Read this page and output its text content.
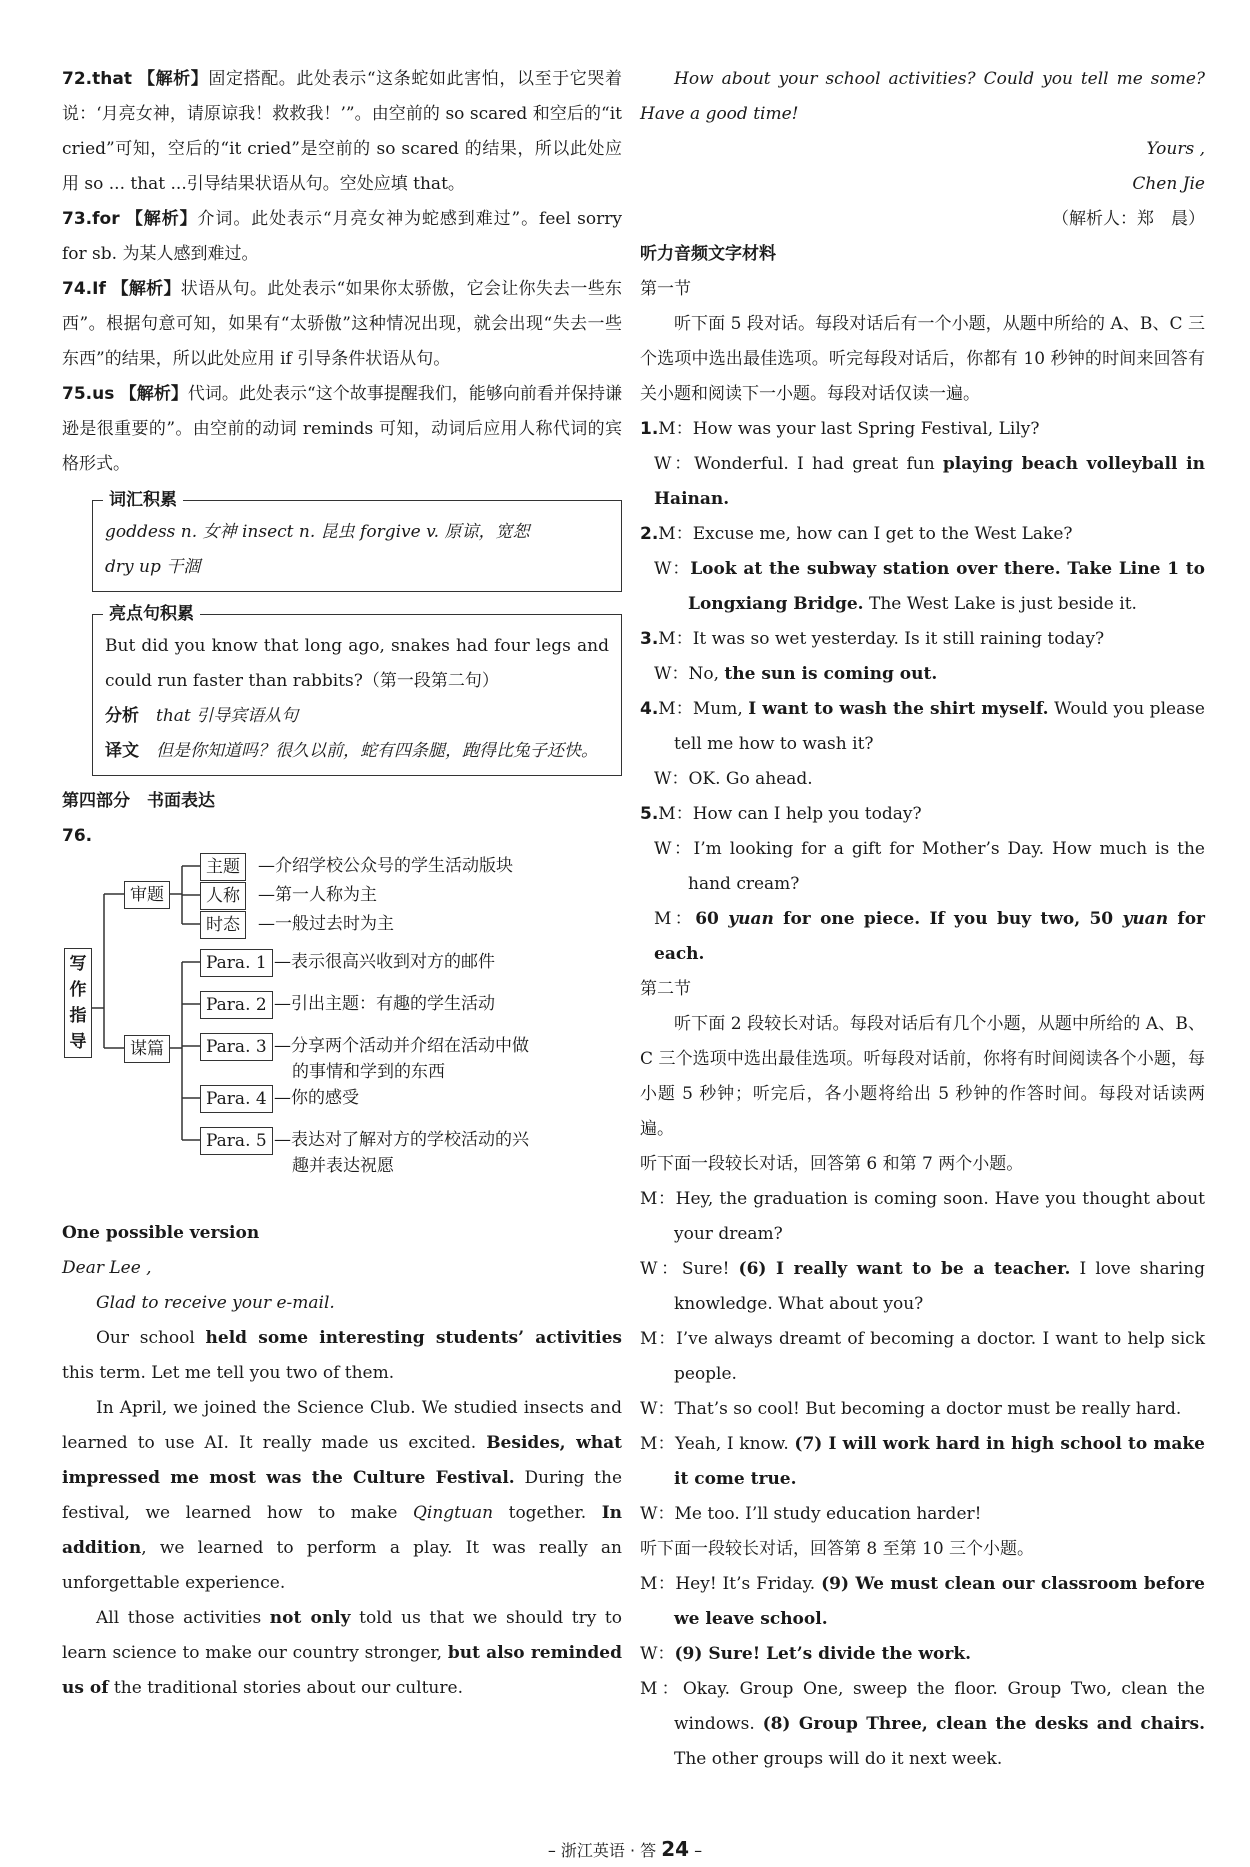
72.that 【解析】固定搭配。此处表示“这条蛇如此害怕，以至于它哭着说：‘月亮女神，请原谅我！救救我！’”。由空前的 so scared 和空后的“it cried”可知，空后的“it cried”是空前的 so scared 的结果，所以此处应用 so ... that ...引导结果状语从句。空处应填 that。

73.for 【解析】介词。此处表示“月亮女神为蛇感到难过”。feel sorry for sb. 为某人感到难过。

74.If 【解析】状语从句。此处表示“如果你太骄傲，它会让你失去一些东西”。根据句意可知，如果有“太骄傲”这种情况出现，就会出现“失去一些东西”的结果，所以此处应用 if 引导条件状语从句。

75.us 【解析】代词。此处表示“这个故事提醒我们，能够向前看并保持谦逊是很重要的”。由空前的动词 reminds 可知，动词后应用人称代词的宾格形式。

词汇积累
goddess n. 女神 insect n. 昆虫 forgive v. 原谅，宽恕
dry up 干涸
亮点句积累
But did you know that long ago, snakes had four legs and could run faster than rabbits?（第一段第二句）
分析　 that 引导宾语从句
译文　 但是你知道吗？很久以前，蛇有四条腿，跑得比兔子还快。

第四部分　书面表达

76.

写
作
指
导
审题
谋篇
主题	—介绍学校公众号的学生活动版块
人称	—第一人称为主
时态	—一般过去时为主
Para. 1 —表示很高兴收到对方的邮件
Para. 2 —引出主题：有趣的学生活动
Para. 3 —分享两个活动并介绍在活动中做
的事情和学到的东西
Para. 4 —你的感受
Para. 5 —表达对了解对方的学校活动的兴
趣并表达祝愿

One possible version

Dear Lee ,

Glad to receive your e-mail.

Our school held some interesting students’ activities this term. Let me tell you two of them.

In April, we joined the Science Club. We studied insects and learned to use AI. It really made us excited. Besides, what impressed me most was the Culture Festival. During the festival, we learned how to make Qingtuan together. In addition, we learned to perform a play. It was really an unforgettable experience.

All those activities not only told us that we should try to learn science to make our country stronger, but also reminded us of the traditional stories about our culture.

How about your school activities? Could you tell me some? Have a good time!

Yours ,

Chen Jie

（解析人：郑　晨）

听力音频文字材料

第一节

听下面 5 段对话。每段对话后有一个小题，从题中所给的 A、B、C 三个选项中选出最佳选项。听完每段对话后，你都有 10 秒钟的时间来回答有关小题和阅读下一小题。每段对话仅读一遍。

1.M：How was your last Spring Festival, Lily?

W：Wonderful. I had great fun playing beach volleyball in Hainan.

2.M：Excuse me, how can I get to the West Lake?

W：Look at the subway station over there. Take Line 1 to Longxiang Bridge. The West Lake is just beside it.

3.M：It was so wet yesterday. Is it still raining today?

W：No, the sun is coming out.

4.M：Mum, I want to wash the shirt myself. Would you please tell me how to wash it?

W：OK. Go ahead.

5.M：How can I help you today?

W：I’m looking for a gift for Mother’s Day. How much is the hand cream?

M：60 yuan for one piece. If you buy two, 50 yuan for each.

第二节

听下面 2 段较长对话。每段对话后有几个小题，从题中所给的 A、B、C 三个选项中选出最佳选项。听每段对话前，你将有时间阅读各个小题，每小题 5 秒钟；听完后，各小题将给出 5 秒钟的作答时间。每段对话读两遍。

听下面一段较长对话，回答第 6 和第 7 两个小题。

M：Hey, the graduation is coming soon. Have you thought about your dream?

W：Sure! (6) I really want to be a teacher. I love sharing knowledge. What about you?

M：I’ve always dreamt of becoming a doctor. I want to help sick people.

W：That’s so cool! But becoming a doctor must be really hard.

M：Yeah, I know. (7) I will work hard in high school to make it come true.

W：Me too. I’ll study education harder!

听下面一段较长对话，回答第 8 至第 10 三个小题。

M：Hey! It’s Friday. (9) We must clean our classroom before we leave school.

W：(9) Sure! Let’s divide the work.

M：Okay. Group One, sweep the floor. Group Two, clean the windows. (8) Group Three, clean the desks and chairs. The other groups will do it next week.

– 浙江英语 · 答 24 –
